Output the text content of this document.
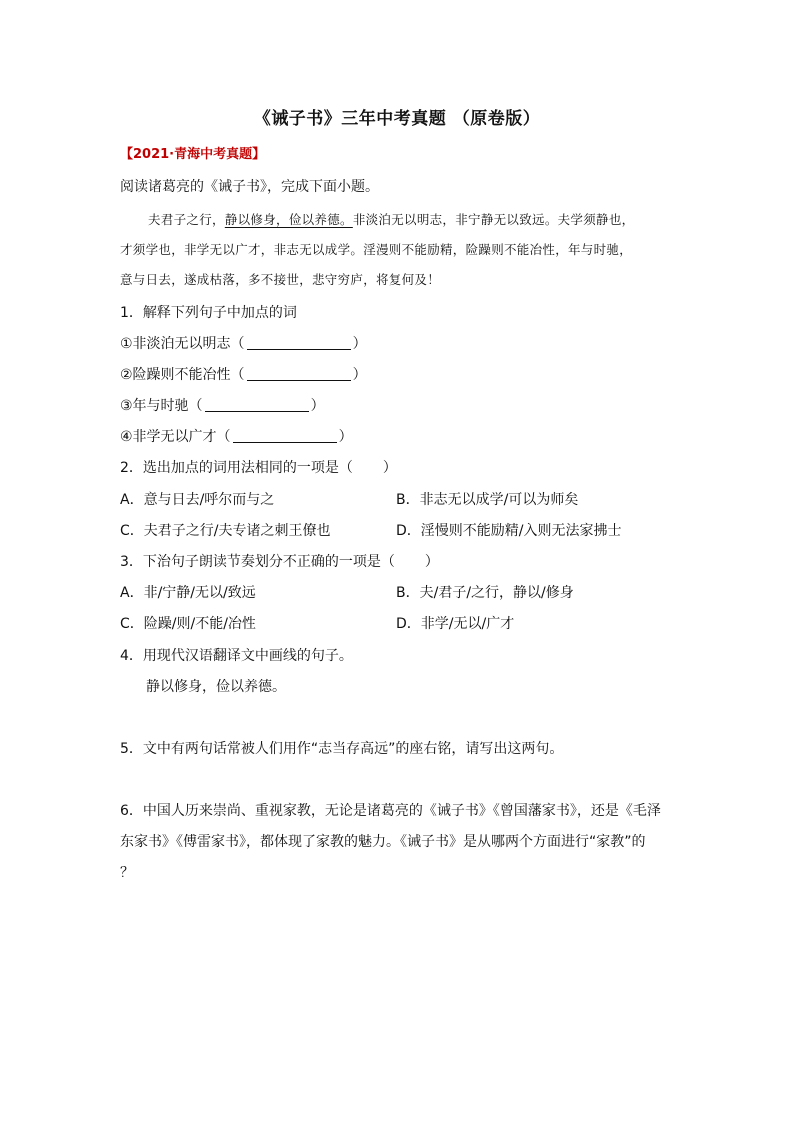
《诫子书》三年中考真题 （原卷版）
【2021·青海中考真题】
阅读诸葛亮的《诫子书》，完成下面小题。
夫君子之行，静以修身，俭以养德。非淡泊无以明志，非宁静无以致远。夫学须静也，
才须学也，非学无以广才，非志无以成学。淫漫则不能励精，险躁则不能冶性，年与时驰，
意与日去，遂成枯落，多不接世，悲守穷庐，将复何及！
1．解释下列句子中加点的词
①非淡泊无以明志（	）
②险躁则不能冶性（	）
③年与时驰（	）
④非学无以广才（	）
2．选出加点的词用法相同的一项是（ ）
A．意与日去/呼尔而与之	B．非志无以成学/可以为师矣
C．夫君子之行/夫专诸之刺王僚也	D．淫慢则不能励精/入则无法家拂士
3．下治句子朗读节奏划分不正确的一项是（ ）
A．非/宁静/无以/致远	B．夫/君子/之行，静以/修身
C．险躁/则/不能/冶性	D．非学/无以/广才
4．用现代汉语翻译文中画线的句子。
静以修身，俭以养德。
5．文中有两句话常被人们用作“志当存高远”的座右铭，请写出这两句。
6．中国人历来崇尚、重视家教，无论是诸葛亮的《诫子书》《曾国藩家书》，还是《毛泽
东家书》《傅雷家书》，都体现了家教的魅力。《诫子书》是从哪两个方面进行“家教”的
？
